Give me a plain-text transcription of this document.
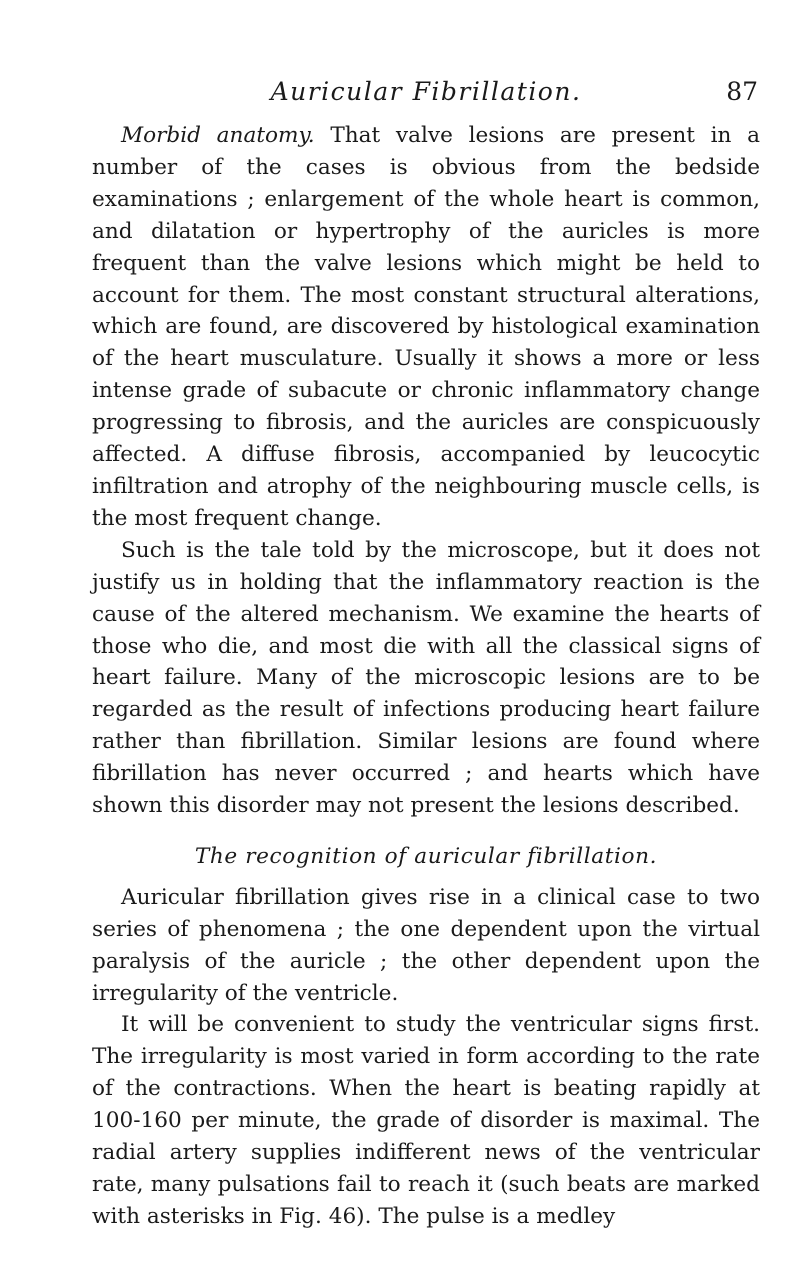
Auricular Fibrillation.	87

Morbid anatomy. That valve lesions are present in a number of the cases is obvious from the bedside examinations ; enlargement of the whole heart is common, and dilatation or hypertrophy of the auricles is more frequent than the valve lesions which might be held to account for them. The most constant structural alterations, which are found, are discovered by histological examination of the heart musculature. Usually it shows a more or less intense grade of subacute or chronic inflammatory change progressing to fibrosis, and the auricles are conspicuously affected. A diffuse fibrosis, accompanied by leucocytic infiltration and atrophy of the neighbouring muscle cells, is the most frequent change.

Such is the tale told by the microscope, but it does not justify us in holding that the inflammatory reaction is the cause of the altered mechanism. We examine the hearts of those who die, and most die with all the classical signs of heart failure. Many of the microscopic lesions are to be regarded as the result of infections producing heart failure rather than fibrillation. Similar lesions are found where fibrillation has never occurred ; and hearts which have shown this disorder may not present the lesions described.

The recognition of auricular fibrillation.

Auricular fibrillation gives rise in a clinical case to two series of phenomena ; the one dependent upon the virtual paralysis of the auricle ; the other dependent upon the irregularity of the ventricle.

It will be convenient to study the ventricular signs first. The irregularity is most varied in form according to the rate of the contractions. When the heart is beating rapidly at 100-160 per minute, the grade of disorder is maximal. The radial artery supplies indifferent news of the ventricular rate, many pulsations fail to reach it (such beats are marked with asterisks in Fig. 46). The pulse is a medley
